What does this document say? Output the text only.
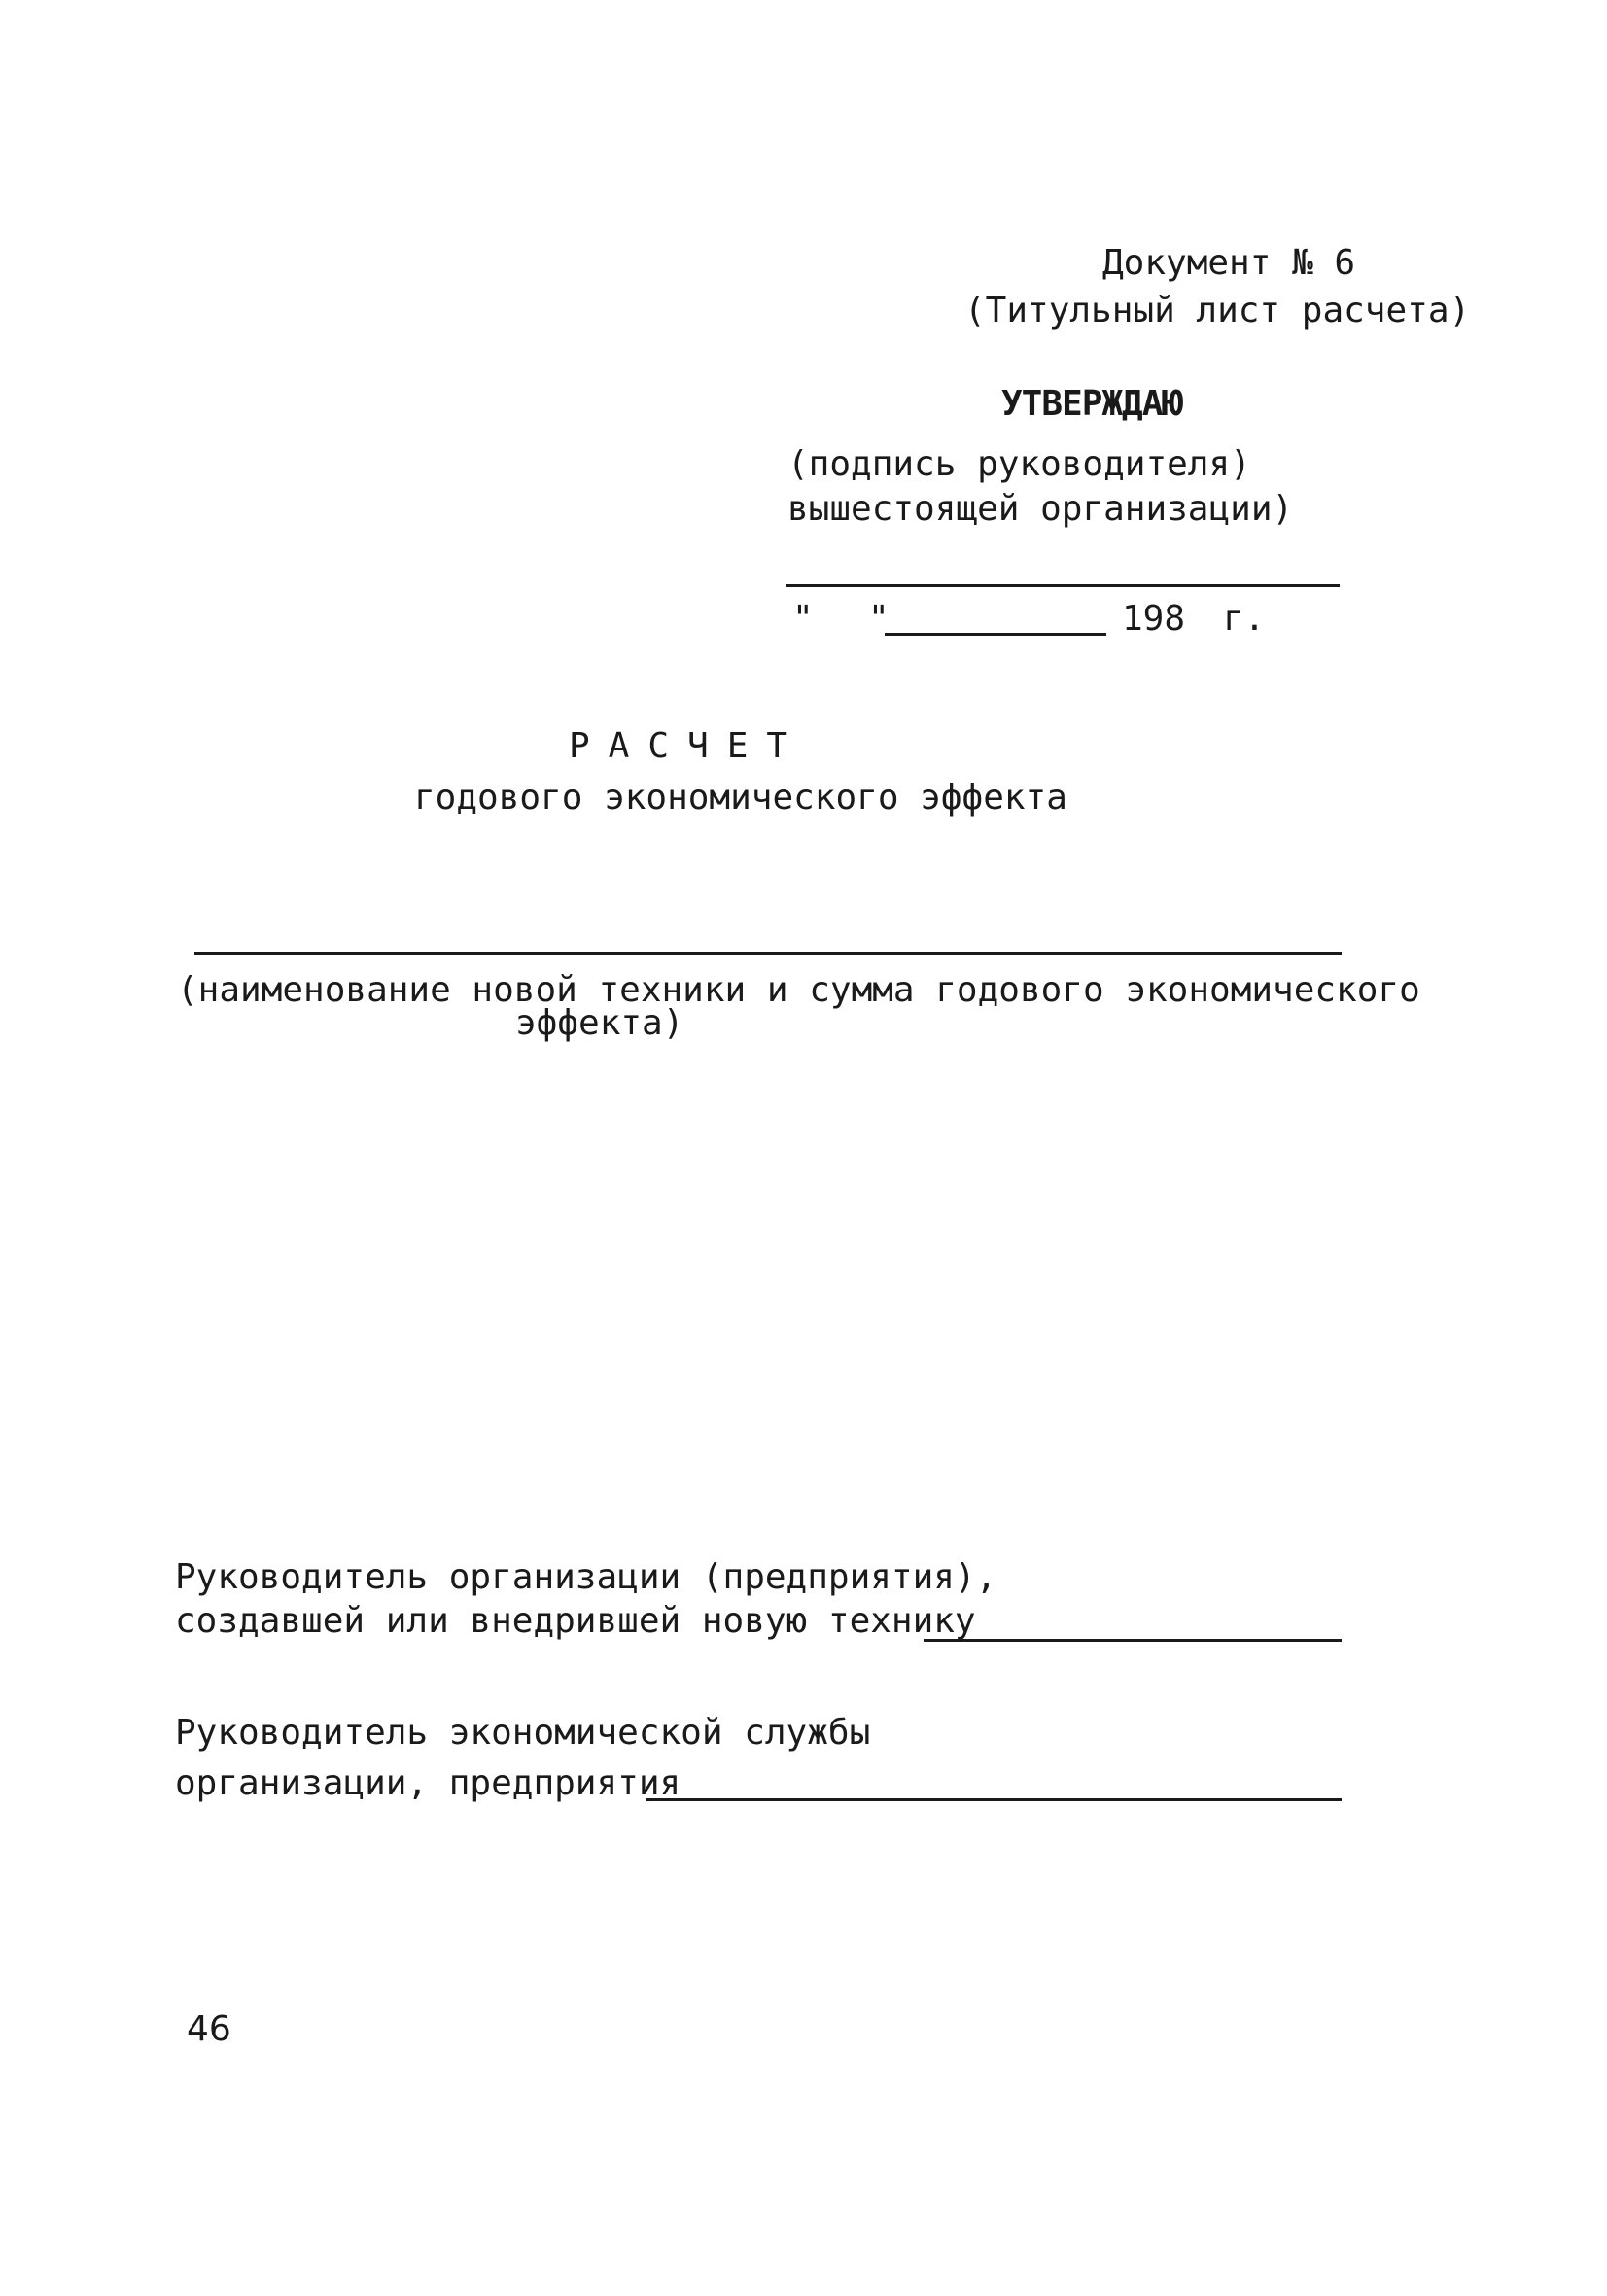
Документ № 6
(Титульный лист расчета)
УТВЕРЖДАЮ
(подпись руководителя)
вышестоящей организации)
" "	198 г.
РАСЧЕТ
годового экономического эффекта
(наименование новой техники и сумма годового экономического
эффекта)
Руководитель организации (предприятия),
создавшей или внедрившей новую технику
Руководитель экономической службы
организации, предприятия
46
